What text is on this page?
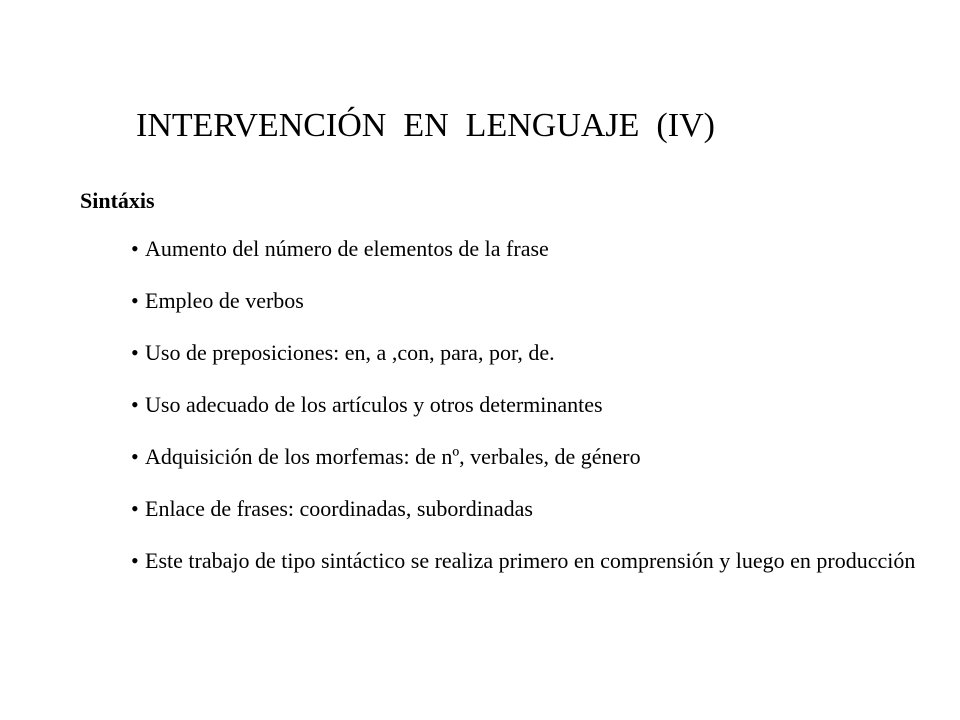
INTERVENCIÓN  EN  LENGUAJE  (IV)
Sintáxis
• Aumento del número de elementos de la frase
• Empleo de verbos
• Uso de preposiciones: en, a ,con, para, por, de.
• Uso adecuado de los artículos y otros determinantes
• Adquisición de los morfemas: de nº, verbales, de género
• Enlace de frases: coordinadas, subordinadas
• Este trabajo de tipo sintáctico se realiza primero en comprensión y luego en producción
